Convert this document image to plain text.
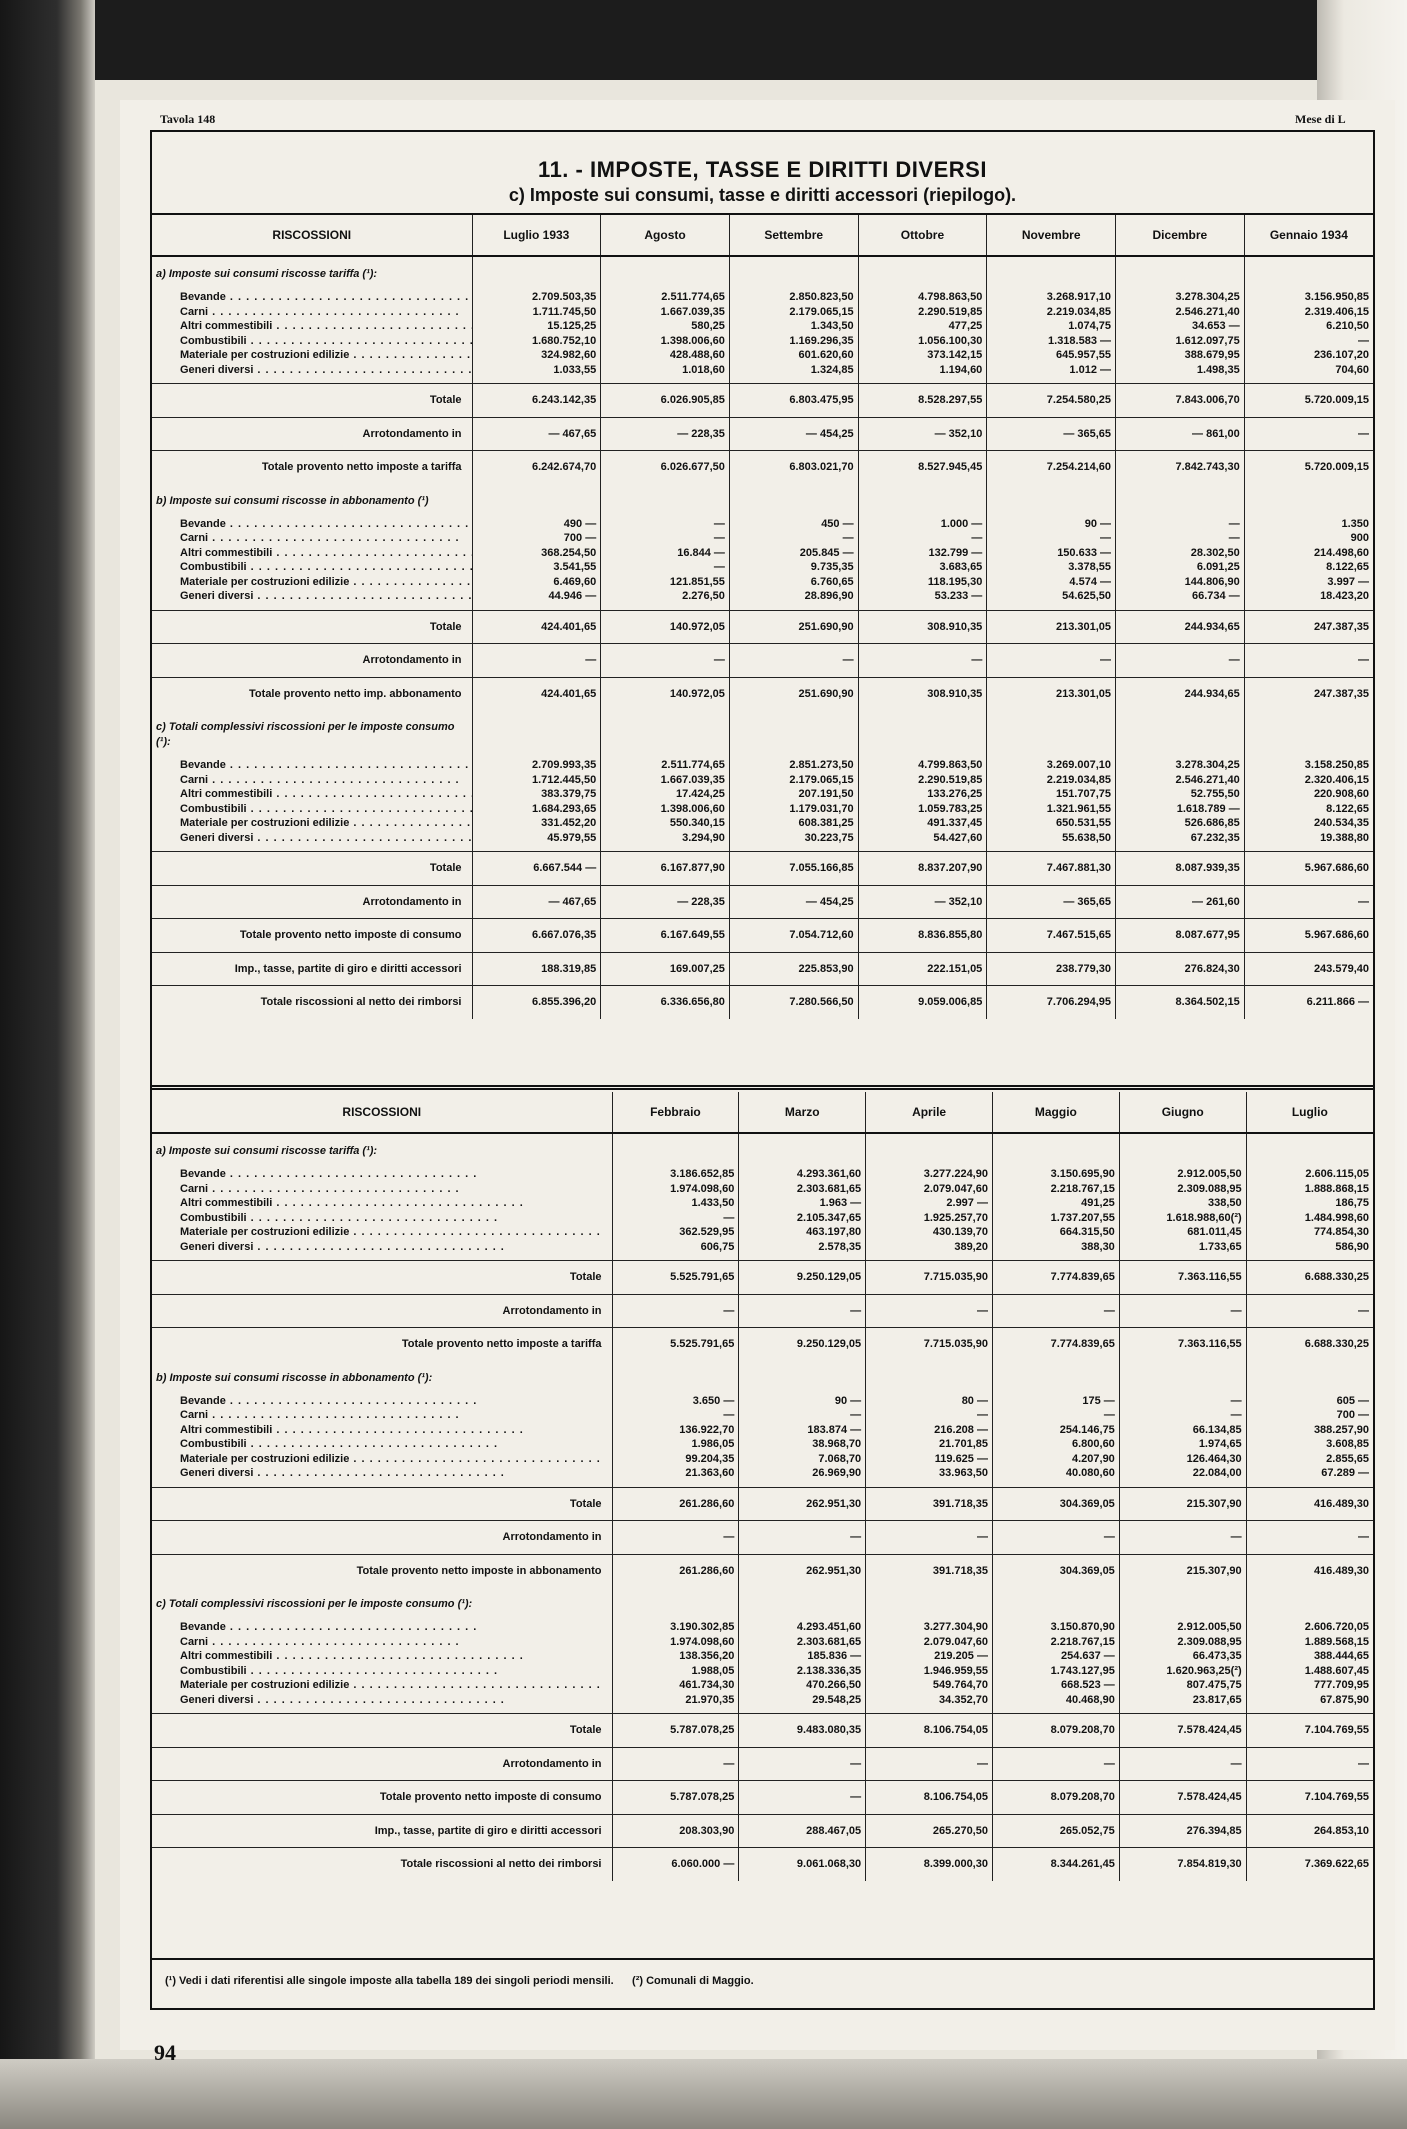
Tavola 148	Mese di L
11. - IMPOSTE, TASSE E DIRITTI DIVERSI
c) Imposte sui consumi, tasse e diritti accessori (riepilogo).
RISCOSSIONI	Luglio 1933	Agosto	Settembre	Ottobre	Novembre	Dicembre	Gennaio 1934
a) Imposte sui consumi riscosse tariffa (¹):							
Bevande . . .	2.709.503,35	2.511.774,65	2.850.823,50	4.798.863,50	3.268.917,10	3.278.304,25	3.156.950,85
Carni . . .	1.711.745,50	1.667.039,35	2.179.065,15	2.290.519,85	2.219.034,85	2.546.271,40	2.319.406,15
Altri commestibili . . .	15.125,25	580,25	1.343,50	477,25	1.074,75	34.653 —	6.210,50
Combustibili . . .	1.680.752,10	1.398.006,60	1.169.296,35	1.056.100,30	1.318.583 —	1.612.097,75	—
Materiale per costruzioni edilizie . . .	324.982,60	428.488,60	601.620,60	373.142,15	645.957,55	388.679,95	236.107,20
Generi diversi . . .	1.033,55	1.018,60	1.324,85	1.194,60	1.012 —	1.498,35	704,60
Totale	6.243.142,35	6.026.905,85	6.803.475,95	8.528.297,55	7.254.580,25	7.843.006,70	5.720.009,15
Arrotondamento in	— 467,65	— 228,35	— 454,25	— 352,10	— 365,65	— 861,00	—
Totale provento netto imposte a tariffa	6.242.674,70	6.026.677,50	6.803.021,70	8.527.945,45	7.254.214,60	7.842.743,30	5.720.009,15
b) Imposte sui consumi riscosse in abbonamento (¹)							
Bevande . . .	490 —	—	450 —	1.000 —	90 —	—	1.350
Carni . . .	700 —	—	—	—	—	—	900
Altri commestibili . . .	368.254,50	16.844 —	205.845 —	132.799 —	150.633 —	28.302,50	214.498,60
Combustibili . . .	3.541,55	—	9.735,35	3.683,65	3.378,55	6.091,25	8.122,65
Materiale per costruzioni edilizie . . .	6.469,60	121.851,55	6.760,65	118.195,30	4.574 —	144.806,90	3.997 —
Generi diversi . . .	44.946 —	2.276,50	28.896,90	53.233 —	54.625,50	66.734 —	18.423,20
Totale	424.401,65	140.972,05	251.690,90	308.910,35	213.301,05	244.934,65	247.387,35
Arrotondamento in	—	—	—	—	—	—	—
Totale provento netto imp. abbonamento	424.401,65	140.972,05	251.690,90	308.910,35	213.301,05	244.934,65	247.387,35
c) Totali complessivi riscossioni per le imposte consumo (¹):							
Bevande . . .	2.709.993,35	2.511.774,65	2.851.273,50	4.799.863,50	3.269.007,10	3.278.304,25	3.158.250,85
Carni . . .	1.712.445,50	1.667.039,35	2.179.065,15	2.290.519,85	2.219.034,85	2.546.271,40	2.320.406,15
Altri commestibili . . .	383.379,75	17.424,25	207.191,50	133.276,25	151.707,75	52.755,50	220.908,60
Combustibili . . .	1.684.293,65	1.398.006,60	1.179.031,70	1.059.783,25	1.321.961,55	1.618.789 —	8.122,65
Materiale per costruzioni edilizie . . .	331.452,20	550.340,15	608.381,25	491.337,45	650.531,55	526.686,85	240.534,35
Generi diversi . . .	45.979,55	3.294,90	30.223,75	54.427,60	55.638,50	67.232,35	19.388,80
Totale	6.667.544 —	6.167.877,90	7.055.166,85	8.837.207,90	7.467.881,30	8.087.939,35	5.967.686,60
Arrotondamento in	— 467,65	— 228,35	— 454,25	— 352,10	— 365,65	— 261,60	—
Totale provento netto imposte di consumo	6.667.076,35	6.167.649,55	7.054.712,60	8.836.855,80	7.467.515,65	8.087.677,95	5.967.686,60
Imp., tasse, partite di giro e diritti accessori	188.319,85	169.007,25	225.853,90	222.151,05	238.779,30	276.824,30	243.579,40
Totale riscossioni al netto dei rimborsi	6.855.396,20	6.336.656,80	7.280.566,50	9.059.006,85	7.706.294,95	8.364.502,15	6.211.866 —
RISCOSSIONI	Febbraio	Marzo	Aprile	Maggio	Giugno	Luglio
a) Imposte sui consumi riscosse tariffa (¹):						
Bevande . . .	3.186.652,85	4.293.361,60	3.277.224,90	3.150.695,90	2.912.005,50	2.606.115,05
Carni . . .	1.974.098,60	2.303.681,65	2.079.047,60	2.218.767,15	2.309.088,95	1.888.868,15
Altri commestibili . . .	1.433,50	1.963 —	2.997 —	491,25	338,50	186,75
Combustibili . . .	—	2.105.347,65	1.925.257,70	1.737.207,55	1.618.988,60(²)	1.484.998,60
Materiale per costruzioni edilizie . . .	362.529,95	463.197,80	430.139,70	664.315,50	681.011,45	774.854,30
Generi diversi . . .	606,75	2.578,35	389,20	388,30	1.733,65	586,90
Totale	5.525.791,65	9.250.129,05	7.715.035,90	7.774.839,65	7.363.116,55	6.688.330,25
Arrotondamento in	—	—	—	—	—	—
Totale provento netto imposte a tariffa	5.525.791,65	9.250.129,05	7.715.035,90	7.774.839,65	7.363.116,55	6.688.330,25
b) Imposte sui consumi riscosse in abbonamento (¹):						
Bevande . . .	3.650 —	90 —	80 —	175 —	—	605 —
Carni . . .	—	—	—	—	—	700 —
Altri commestibili . . .	136.922,70	183.874 —	216.208 —	254.146,75	66.134,85	388.257,90
Combustibili . . .	1.986,05	38.968,70	21.701,85	6.800,60	1.974,65	3.608,85
Materiale per costruzioni edilizie . . .	99.204,35	7.068,70	119.625 —	4.207,90	126.464,30	2.855,65
Generi diversi . . .	21.363,60	26.969,90	33.963,50	40.080,60	22.084,00	67.289 —
Totale	261.286,60	262.951,30	391.718,35	304.369,05	215.307,90	416.489,30
Arrotondamento in	—	—	—	—	—	—
Totale provento netto imposte in abbonamento	261.286,60	262.951,30	391.718,35	304.369,05	215.307,90	416.489,30
c) Totali complessivi riscossioni per le imposte consumo (¹):						
Bevande . . .	3.190.302,85	4.293.451,60	3.277.304,90	3.150.870,90	2.912.005,50	2.606.720,05
Carni . . .	1.974.098,60	2.303.681,65	2.079.047,60	2.218.767,15	2.309.088,95	1.889.568,15
Altri commestibili . . .	138.356,20	185.836 —	219.205 —	254.637 —	66.473,35	388.444,65
Combustibili . . .	1.988,05	2.138.336,35	1.946.959,55	1.743.127,95	1.620.963,25(²)	1.488.607,45
Materiale per costruzioni edilizie . . .	461.734,30	470.266,50	549.764,70	668.523 —	807.475,75	777.709,95
Generi diversi . . .	21.970,35	29.548,25	34.352,70	40.468,90	23.817,65	67.875,90
Totale	5.787.078,25	9.483.080,35	8.106.754,05	8.079.208,70	7.578.424,45	7.104.769,55
Arrotondamento in	—	—	—	—	—	—
Totale provento netto imposte di consumo	5.787.078,25	—	8.106.754,05	8.079.208,70	7.578.424,45	7.104.769,55
Imp., tasse, partite di giro e diritti accessori	208.303,90	288.467,05	265.270,50	265.052,75	276.394,85	264.853,10
Totale riscossioni al netto dei rimborsi	6.060.000 —	9.061.068,30	8.399.000,30	8.344.261,45	7.854.819,30	7.369.622,65
(¹) Vedi i dati riferentisi alle singole imposte alla tabella 189 dei singoli periodi mensili. (²) Comunali di Maggio.
94
